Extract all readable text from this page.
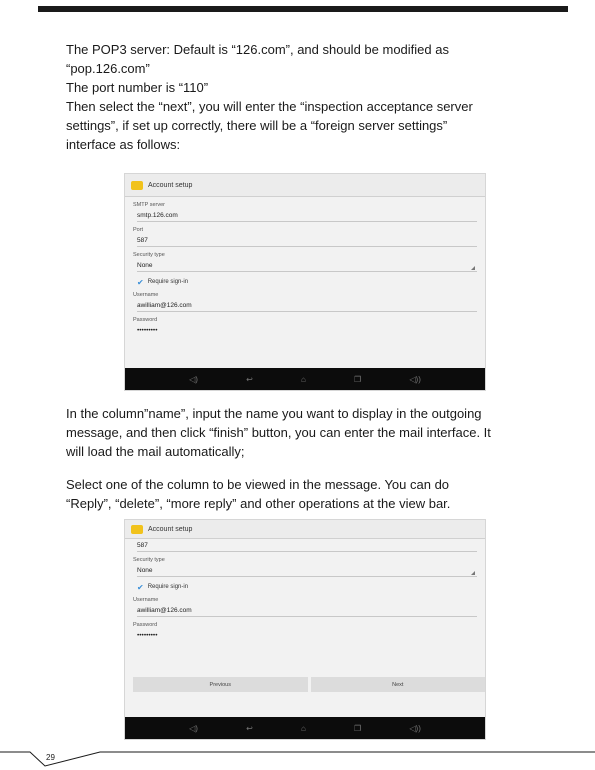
The POP3 server: Default is “126.com”, and should be modified as

“pop.126.com”

The port number is “110”

Then select the “next”, you will enter the “inspection acceptance server

settings”, if set up correctly, there will be a “foreign server settings”

interface as follows:

Account setup
SMTP server
smtp.126.com
Port
587
Security type
None
✔ Require sign-in
Username
awilliam@126.com
Password
•••••••••
◁)	↩	⌂	❐	◁))

In the column”name”, input the name you want to display in the outgoing

message, and then click “finish” button, you can enter the mail interface. It

will load the mail automatically;

Select one of the column to be viewed in the message. You can do

“Reply”, “delete”, “more reply” and other operations at the view bar.

Account setup
587
Security type
None
✔ Require sign-in
Username
awilliam@126.com
Password
•••••••••
Previous	Next
◁)	↩	⌂	❐	◁))
29
